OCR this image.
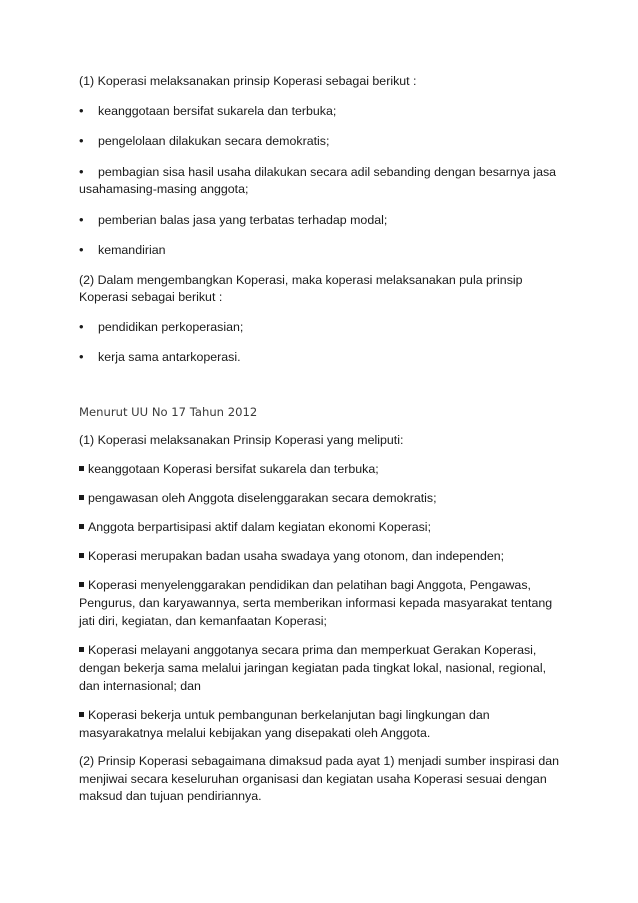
(1) Koperasi melaksanakan prinsip Koperasi sebagai berikut :

• keanggotaan bersifat sukarela dan terbuka;
• pengelolaan dilakukan secara demokratis;
• pembagian sisa hasil usaha dilakukan secara adil sebanding dengan besarnya jasa
usahamasing-masing anggota;
• pemberian balas jasa yang terbatas terhadap modal;
• kemandirian

(2) Dalam mengembangkan Koperasi, maka koperasi melaksanakan pula prinsip Koperasi sebagai berikut :

• pendidikan perkoperasian;
• kerja sama antarkoperasi.

Menurut UU No 17 Tahun 2012

(1) Koperasi melaksanakan Prinsip Koperasi yang meliputi:

keanggotaan Koperasi bersifat sukarela dan terbuka;
pengawasan oleh Anggota diselenggarakan secara demokratis;
Anggota berpartisipasi aktif dalam kegiatan ekonomi Koperasi;
Koperasi merupakan badan usaha swadaya yang otonom, dan independen;
Koperasi menyelenggarakan pendidikan dan pelatihan bagi Anggota, Pengawas, Pengurus, dan karyawannya, serta memberikan informasi kepada masyarakat tentang jati diri, kegiatan, dan kemanfaatan Koperasi;
Koperasi melayani anggotanya secara prima dan memperkuat Gerakan Koperasi, dengan bekerja sama melalui jaringan kegiatan pada tingkat lokal, nasional, regional, dan internasional; dan
Koperasi bekerja untuk pembangunan berkelanjutan bagi lingkungan dan masyarakatnya melalui kebijakan yang disepakati oleh Anggota.

(2) Prinsip Koperasi sebagaimana dimaksud pada ayat 1) menjadi sumber inspirasi dan menjiwai secara keseluruhan organisasi dan kegiatan usaha Koperasi sesuai dengan maksud dan tujuan pendiriannya.
